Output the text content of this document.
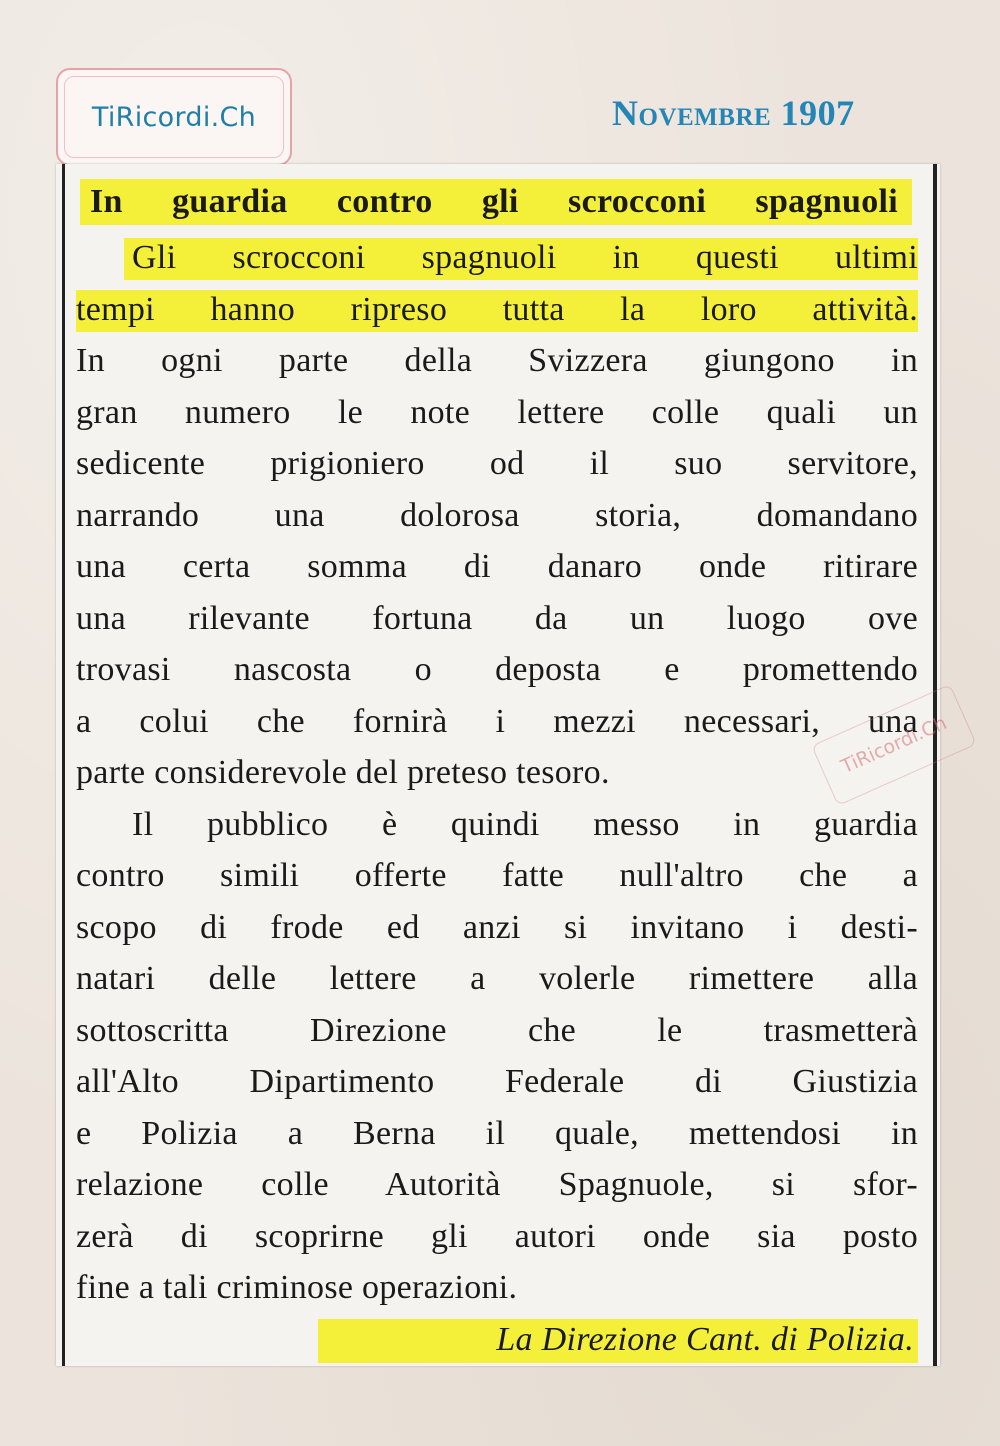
TiRicordi.Ch	Novembre 1907
In guardia contro gli scrocconi spagnuoli
Gli scrocconi spagnuoli in questi ultimi
tempi hanno ripreso tutta la loro attività.
In ogni parte della Svizzera giungono in
gran numero le note lettere colle quali un
sedicente prigioniero od il suo servitore,
narrando una dolorosa storia, domandano
una certa somma di danaro onde ritirare
una rilevante fortuna da un luogo ove
trovasi nascosta o deposta e promettendo
a colui che fornirà i mezzi necessari, una
parte considerevole del preteso tesoro.
Il pubblico è quindi messo in guardia
contro simili offerte fatte null'altro che a
scopo di frode ed anzi si invitano i desti-
natari delle lettere a volerle rimettere alla
sottoscritta Direzione che le trasmetterà
all'Alto Dipartimento Federale di Giustizia
e Polizia a Berna il quale, mettendosi in
relazione colle Autorità Spagnuole, si sfor-
zerà di scoprirne gli autori onde sia posto
fine a tali criminose operazioni.
La Direzione Cant. di Polizia.
TiRicordi.Ch
